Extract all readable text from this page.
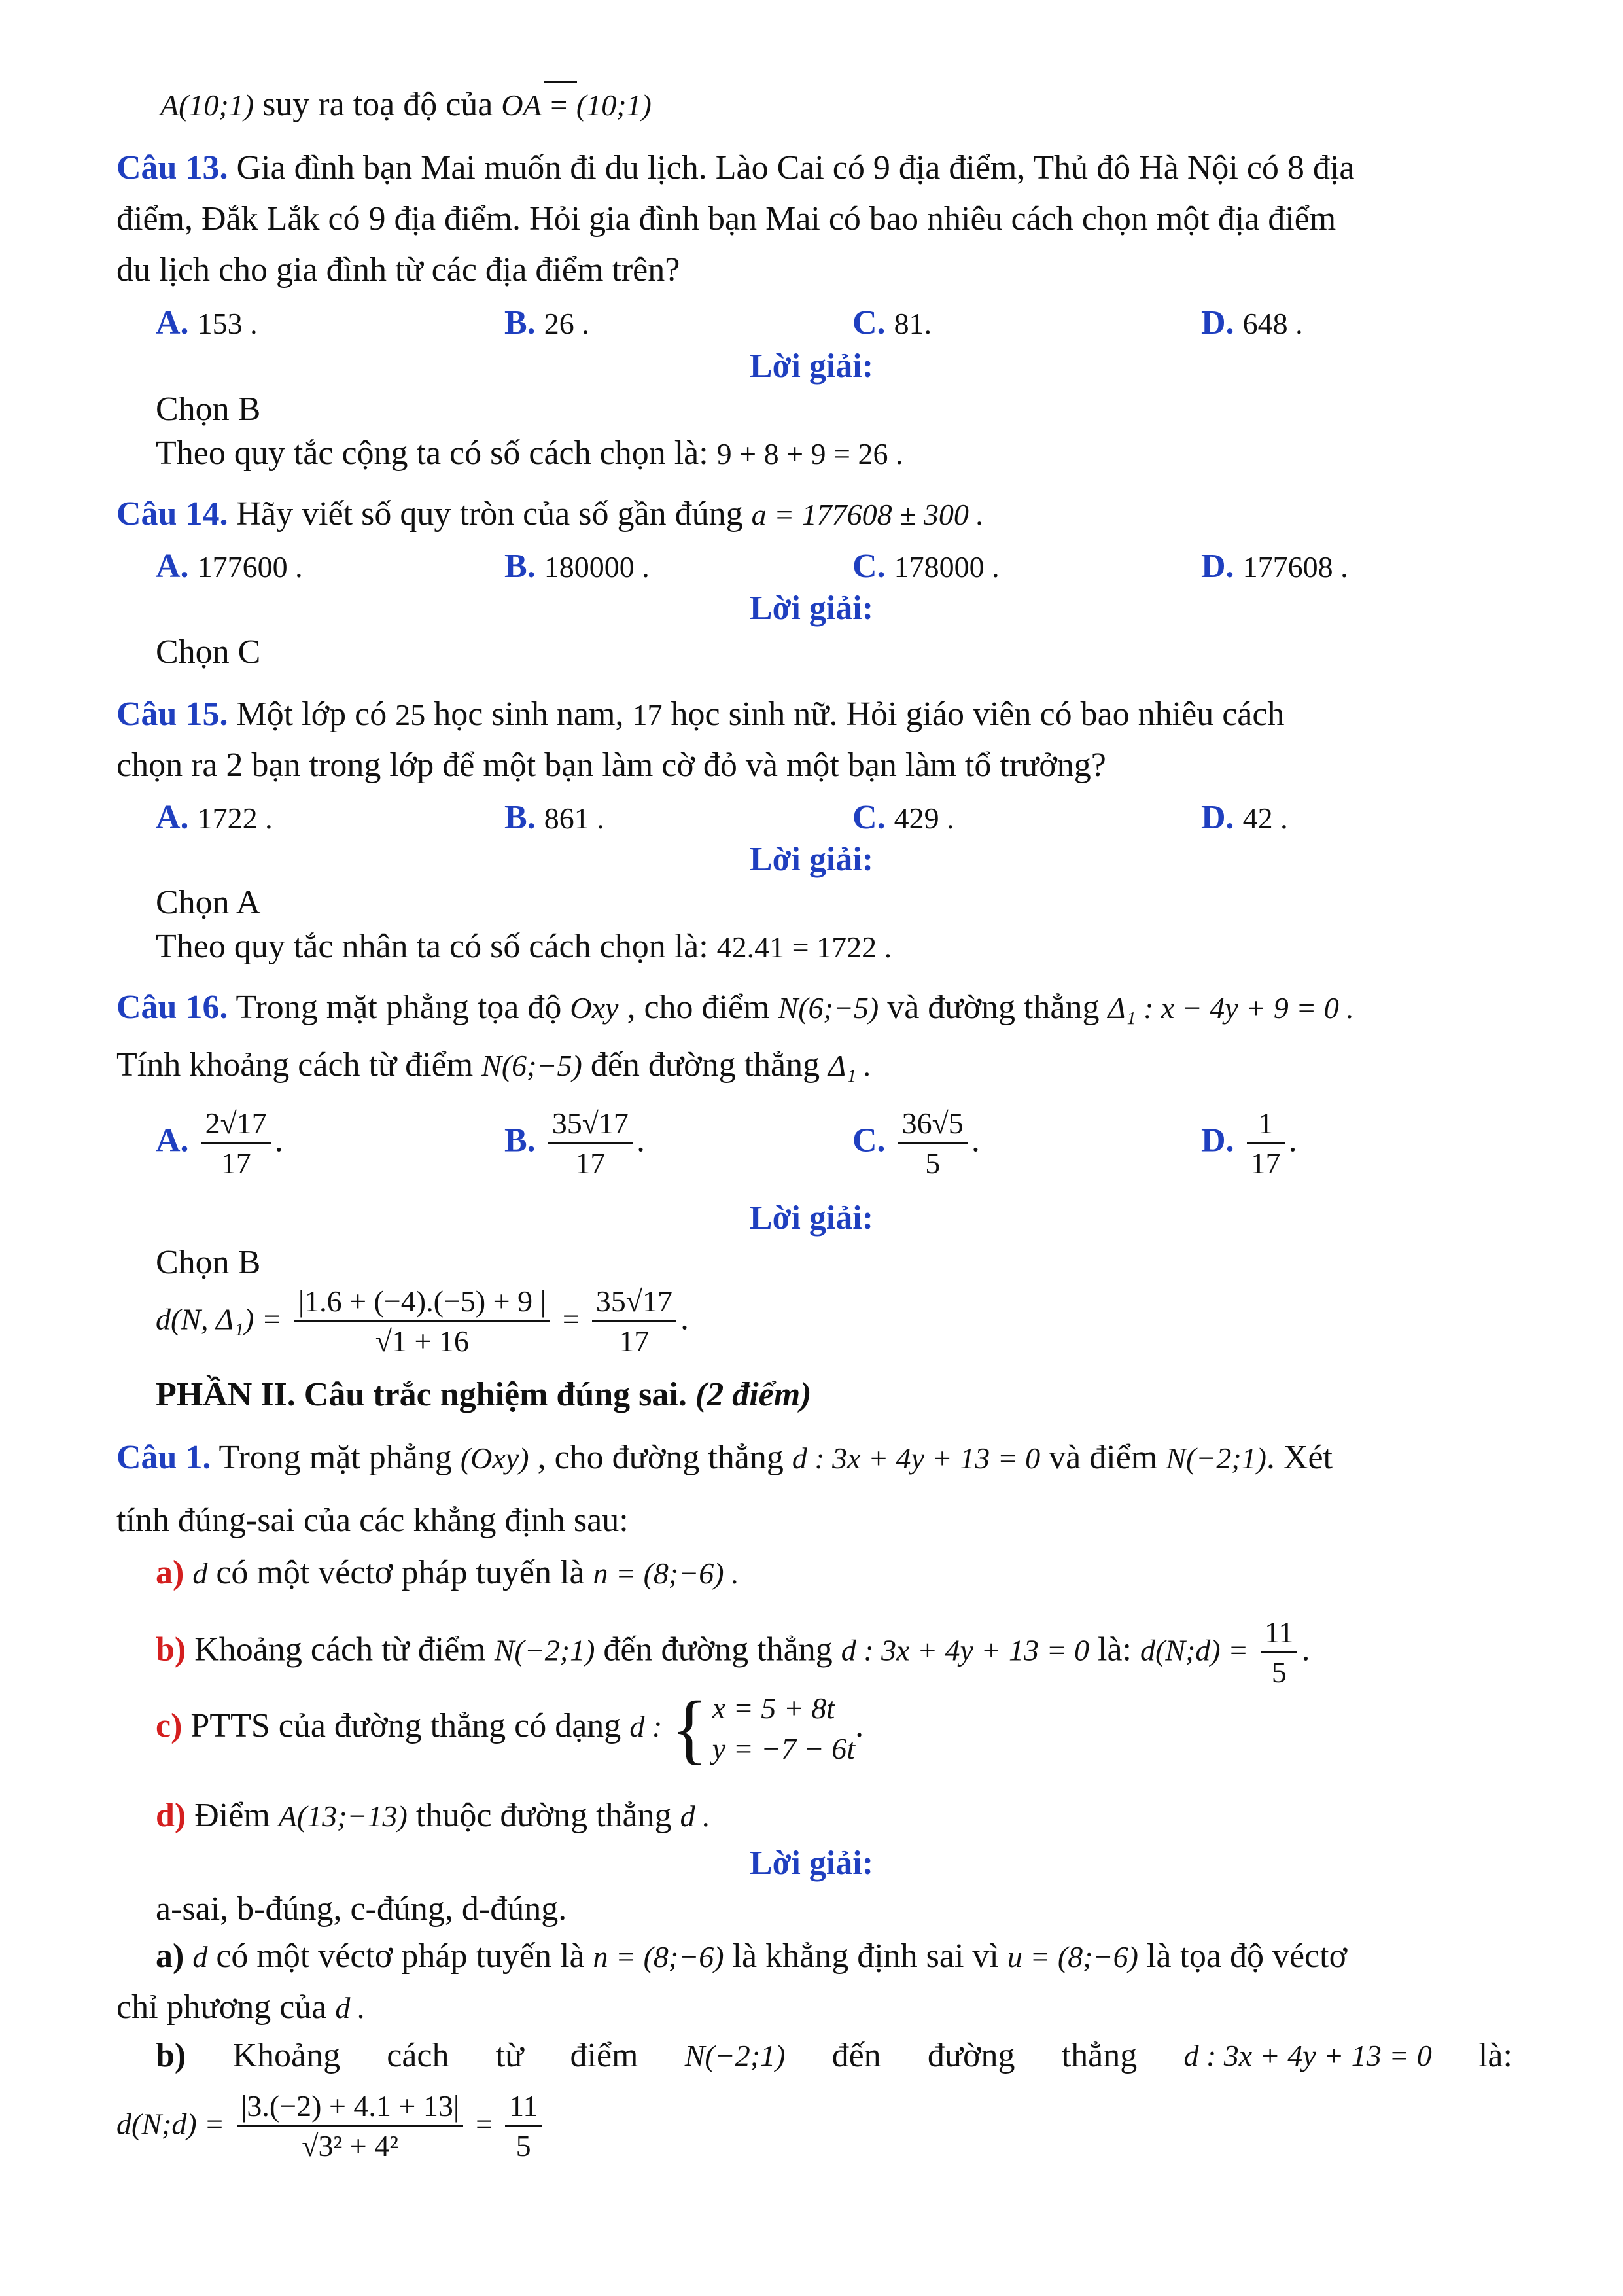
A(10;1) suy ra toạ độ của OA = (10;1)
Câu 13. Gia đình bạn Mai muốn đi du lịch. Lào Cai có 9 địa điểm, Thủ đô Hà Nội có 8 địa
điểm, Đắk Lắk có 9 địa điểm. Hỏi gia đình bạn Mai có bao nhiêu cách chọn một địa điểm
du lịch cho gia đình từ các địa điểm trên?
A. 153 .	B. 26 .	C. 81.	D. 648 .
Lời giải:
Chọn B
Theo quy tắc cộng ta có số cách chọn là: 9 + 8 + 9 = 26 .
Câu 14. Hãy viết số quy tròn của số gần đúng a = 177608 ± 300 .
A. 177600 .	B. 180000 .	C. 178000 .	D. 177608 .
Lời giải:
Chọn C
Câu 15. Một lớp có 25 học sinh nam, 17 học sinh nữ. Hỏi giáo viên có bao nhiêu cách
chọn ra 2 bạn trong lớp để một bạn làm cờ đỏ và một bạn làm tổ trưởng?
A. 1722 .	B. 861 .	C. 429 .	D. 42 .
Lời giải:
Chọn A
Theo quy tắc nhân ta có số cách chọn là: 42.41 = 1722 .
Câu 16. Trong mặt phẳng tọa độ Oxy , cho điểm N(6;−5) và đường thẳng Δ₁ : x − 4y + 9 = 0 .
Tính khoảng cách từ điểm N(6;−5) đến đường thẳng Δ₁ .
A. $\frac{2√17}{17}$ .	B. $\frac{35√17}{17}$ .	C. $\frac{36√5}{5}$ .	D. $\frac{1}{17}$ .
Lời giải:
Chọn B
d(N, $\Delta_1) = \frac{|1.6 + (-4).(-5) + 9 |}{√1 + 16} = \frac{35√17}{17}$ .
PHẦN II. Câu trắc nghiệm đúng sai. (2 điểm)
Câu 1. Trong mặt phẳng (Oxy) , cho đường thẳng d : 3x + 4y + 13 = 0 và điểm N(−2;1). Xét
tính đúng-sai của các khẳng định sau:
a) d có một véctơ pháp tuyến là n = (8;−6) .
b) Khoảng cách từ điểm N(−2;1) đến đường thẳng d : 3x + 4y + 13 = 0 là: d(N;d) = $\frac{11}{5}$ .
c) PTTS của đường thẳng có dạng d : { x = 5 + 8t
y = −7 − 6t
.
d) Điểm A(13;−13) thuộc đường thẳng d .
Lời giải:
a-sai, b-đúng, c-đúng, d-đúng.
a) d có một véctơ pháp tuyến là n = (8;−6) là khẳng định sai vì u = (8;−6) là tọa độ véctơ
chỉ phương của d .
b) Khoảng cách từ điểm N(−2;1) đến đường thẳng d : 3x + 4y + 13 = 0 là:
d(N;d) = $\frac{|3.(-2) + 4.1 + 13|}{\text{√3² + 4²}} = \frac{11}{5}$
